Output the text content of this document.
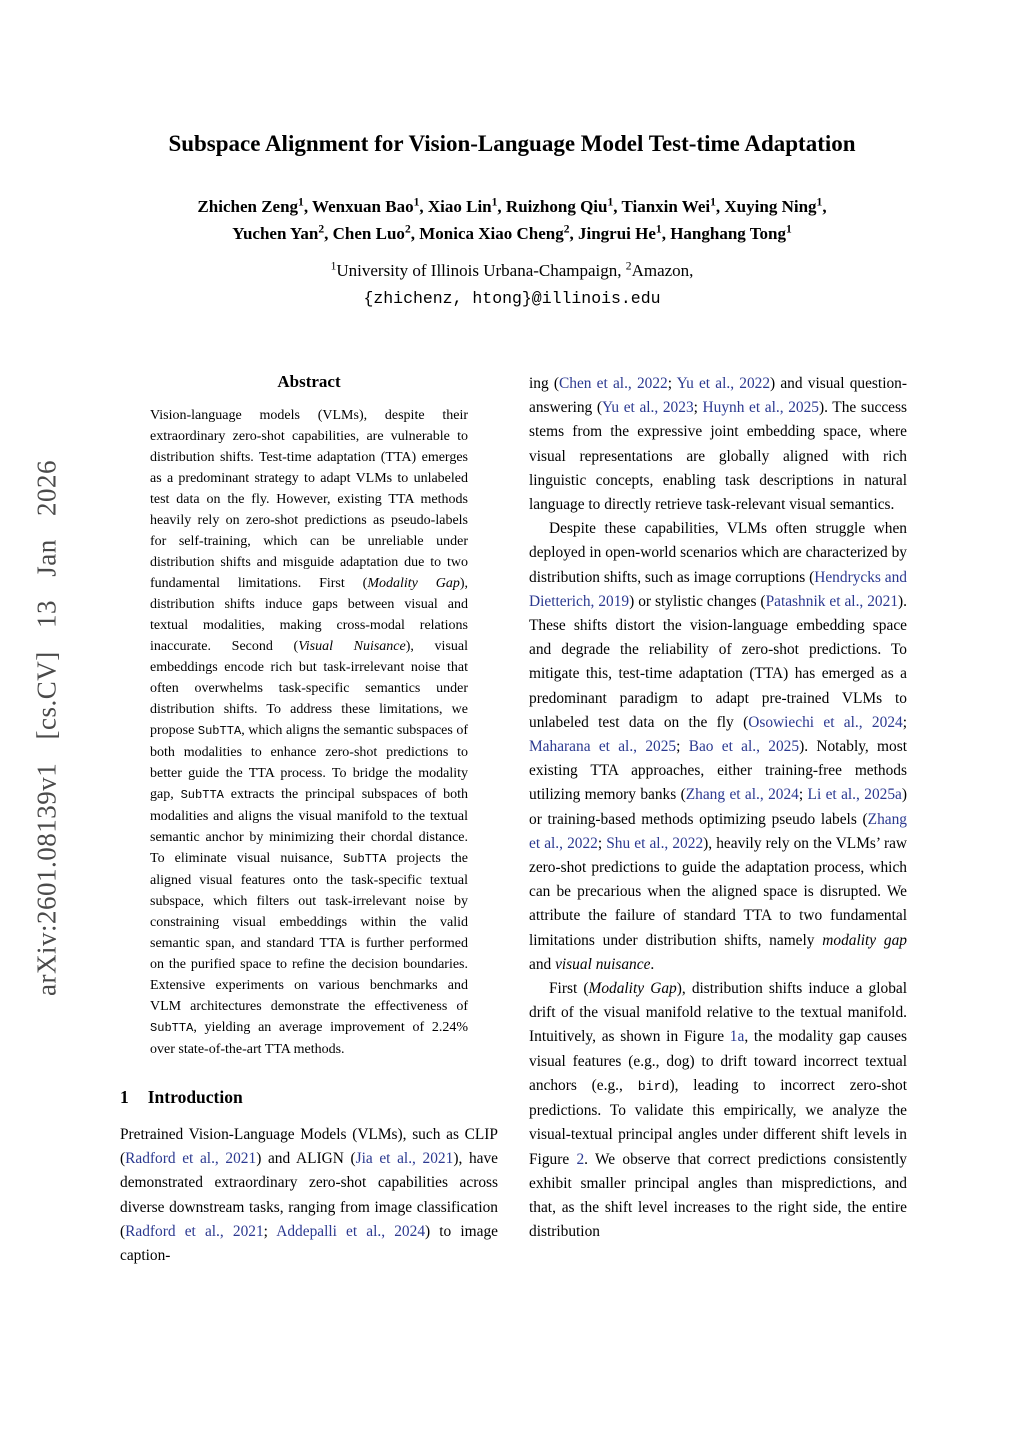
arXiv:2601.08139v1 [cs.CV] 13 Jan 2026
Subspace Alignment for Vision-Language Model Test-time Adaptation
Zhichen Zeng$^1$, Wenxuan Bao$^1$, Xiao Lin$^1$, Ruizhong Qiu$^1$, Tianxin Wei$^1$, Xuying Ning$^1$,
Yuchen Yan$^2$, Chen Luo$^2$, Monica Xiao Cheng$^2$, Jingrui He$^1$, Hanghang Tong$^1$
$^1$University of Illinois Urbana-Champaign, $^2$Amazon,
{zhichenz, htong}@illinois.edu
Abstract

Vision-language models (VLMs), despite their extraordinary zero-shot capabilities, are vulnerable to distribution shifts. Test-time adaptation (TTA) emerges as a predominant strategy to adapt VLMs to unlabeled test data on the fly. However, existing TTA methods heavily rely on zero-shot predictions as pseudo-labels for self-training, which can be unreliable under distribution shifts and misguide adaptation due to two fundamental limitations. First (Modality Gap), distribution shifts induce gaps between visual and textual modalities, making cross-modal relations inaccurate. Second (Visual Nuisance), visual embeddings encode rich but task-irrelevant noise that often overwhelms task-specific semantics under distribution shifts. To address these limitations, we propose SubTTA, which aligns the semantic subspaces of both modalities to enhance zero-shot predictions to better guide the TTA process. To bridge the modality gap, SubTTA extracts the principal subspaces of both modalities and aligns the visual manifold to the textual semantic anchor by minimizing their chordal distance. To eliminate visual nuisance, SubTTA projects the aligned visual features onto the task-specific textual subspace, which filters out task-irrelevant noise by constraining visual embeddings within the valid semantic span, and standard TTA is further performed on the purified space to refine the decision boundaries. Extensive experiments on various benchmarks and VLM architectures demonstrate the effectiveness of SubTTA, yielding an average improvement of 2.24% over state-of-the-art TTA methods.

1 Introduction

Pretrained Vision-Language Models (VLMs), such as CLIP (Radford et al., 2021) and ALIGN (Jia et al., 2021), have demonstrated extraordinary zero-shot capabilities across diverse downstream tasks, ranging from image classification (Radford et al., 2021; Addepalli et al., 2024) to image caption-

ing (Chen et al., 2022; Yu et al., 2022) and visual question-answering (Yu et al., 2023; Huynh et al., 2025). The success stems from the expressive joint embedding space, where visual representations are globally aligned with rich linguistic concepts, enabling task descriptions in natural language to directly retrieve task-relevant visual semantics.

Despite these capabilities, VLMs often struggle when deployed in open-world scenarios which are characterized by distribution shifts, such as image corruptions (Hendrycks and Dietterich, 2019) or stylistic changes (Patashnik et al., 2021). These shifts distort the vision-language embedding space and degrade the reliability of zero-shot predictions. To mitigate this, test-time adaptation (TTA) has emerged as a predominant paradigm to adapt pre-trained VLMs to unlabeled test data on the fly (Osowiechi et al., 2024; Maharana et al., 2025; Bao et al., 2025). Notably, most existing TTA approaches, either training-free methods utilizing memory banks (Zhang et al., 2024; Li et al., 2025a) or training-based methods optimizing pseudo labels (Zhang et al., 2022; Shu et al., 2022), heavily rely on the VLMs’ raw zero-shot predictions to guide the adaptation process, which can be precarious when the aligned space is disrupted. We attribute the failure of standard TTA to two fundamental limitations under distribution shifts, namely modality gap and visual nuisance.

First (Modality Gap), distribution shifts induce a global drift of the visual manifold relative to the textual manifold. Intuitively, as shown in Figure 1a, the modality gap causes visual features (e.g., dog) to drift toward incorrect textual anchors (e.g., bird), leading to incorrect zero-shot predictions. To validate this empirically, we analyze the visual-textual principal angles under different shift levels in Figure 2. We observe that correct predictions consistently exhibit smaller principal angles than mispredictions, and that, as the shift level increases to the right side, the entire distribution
